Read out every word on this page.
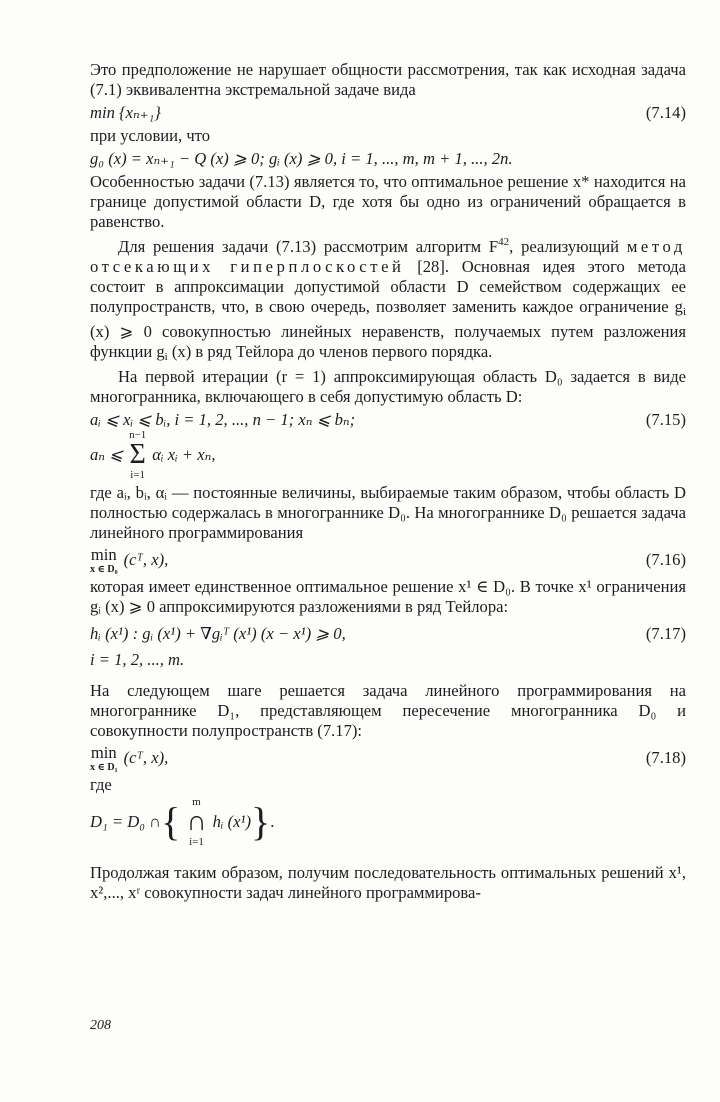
Это предположение не нарушает общности рассмотрения, так как исходная задача (7.1) эквивалентна экстремальной задаче вида

min {xₙ₊₁}	(7.14)

при условии, что

g₀ (x) = xₙ₊₁ − Q (x) ⩾ 0; gᵢ (x) ⩾ 0, i = 1, ..., m, m + 1, ..., 2n.

Особенностью задачи (7.13) является то, что оптимальное решение x* находится на границе допустимой области D, где хотя бы одно из ограничений обращается в равенство.

Для решения задачи (7.13) рассмотрим алгоритм $F^{42}$, реализующий метод отсекающих гиперплоскостей [28]. Основная идея этого метода состоит в аппроксимации допустимой области D семейством содержащих ее полупространств, что, в свою очередь, позволяет заменить каждое ограничение $g_i$ (x) ⩾ 0 совокупностью линейных неравенств, получаемых путем разложения функции $g_i$ (x) в ряд Тейлора до членов первого порядка.

На первой итерации (r = 1) аппроксимирующая область D₀ задается в виде многогранника, включающего в себя допустимую область D:

aᵢ ⩽ xᵢ ⩽ bᵢ, i = 1, 2, ..., n − 1; xₙ ⩽ bₙ;	(7.15)
aₙ ⩽
n−1
Σ
i=1
αᵢ xᵢ + xₙ,

где aᵢ, bᵢ, αᵢ — постоянные величины, выбираемые таким образом, чтобы область D полностью содержалась в многограннике D₀. На многограннике D₀ решается задача линейного программирования

min
x ∈ D₀
(cᵀ, x),	(7.16)

которая имеет единственное оптимальное решение x¹ ∈ D₀. В точке x¹ ограничения gᵢ (x) ⩾ 0 аппроксимируются разложениями в ряд Тейлора:

hᵢ (x¹) : gᵢ (x¹) + ∇gᵢᵀ (x¹) (x − x¹) ⩾ 0,	(7.17)
i = 1, 2, ..., m.

На следующем шаге решается задача линейного программирования на многограннике D₁, представляющем пересечение многогранника D₀ и совокупности полупространств (7.17):

min
x ∈ D₁
(cᵀ, x),	(7.18)

где

D₁ = D₀ ∩ { m
∩
i=1
hᵢ (x¹) } .

Продолжая таким образом, получим последовательность оптимальных решений x¹, x²,..., xʳ совокупности задач линейного программирова-

208
